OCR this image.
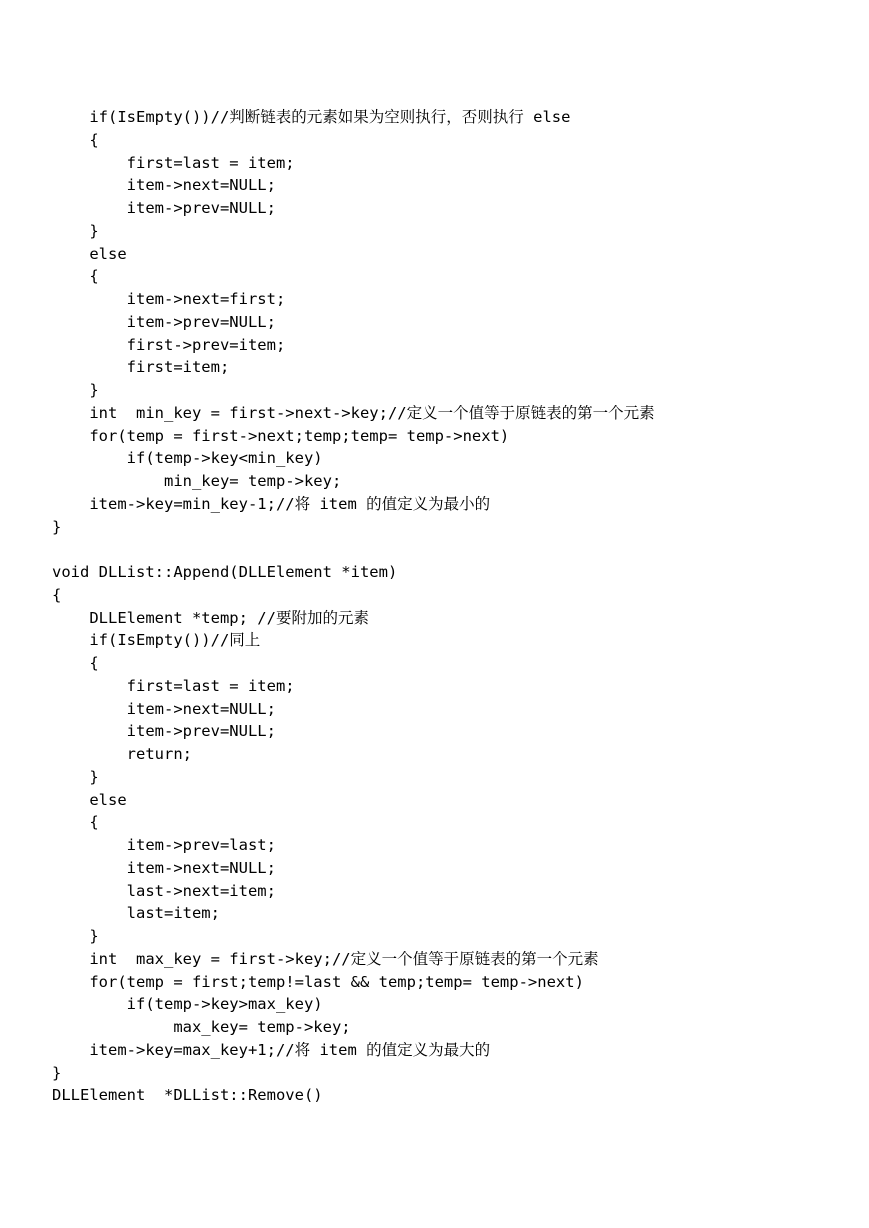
if(IsEmpty())//判断链表的元素如果为空则执行，否则执行 else
{
first=last = item;
item->next=NULL;
item->prev=NULL;
}
else
{
item->next=first;
item->prev=NULL;
first->prev=item;
first=item;
}
int  min_key = first->next->key;//定义一个值等于原链表的第一个元素
for(temp = first->next;temp;temp= temp->next)
if(temp->key<min_key)
min_key= temp->key;
item->key=min_key-1;//将 item 的值定义为最小的
}
void DLList::Append(DLLElement *item)
{
DLLElement *temp; //要附加的元素
if(IsEmpty())//同上
{
first=last = item;
item->next=NULL;
item->prev=NULL;
return;
}
else
{
item->prev=last;
item->next=NULL;
last->next=item;
last=item;
}
int  max_key = first->key;//定义一个值等于原链表的第一个元素
for(temp = first;temp!=last && temp;temp= temp->next)
if(temp->key>max_key)
max_key= temp->key;
item->key=max_key+1;//将 item 的值定义为最大的
}
DLLElement  *DLList::Remove()
